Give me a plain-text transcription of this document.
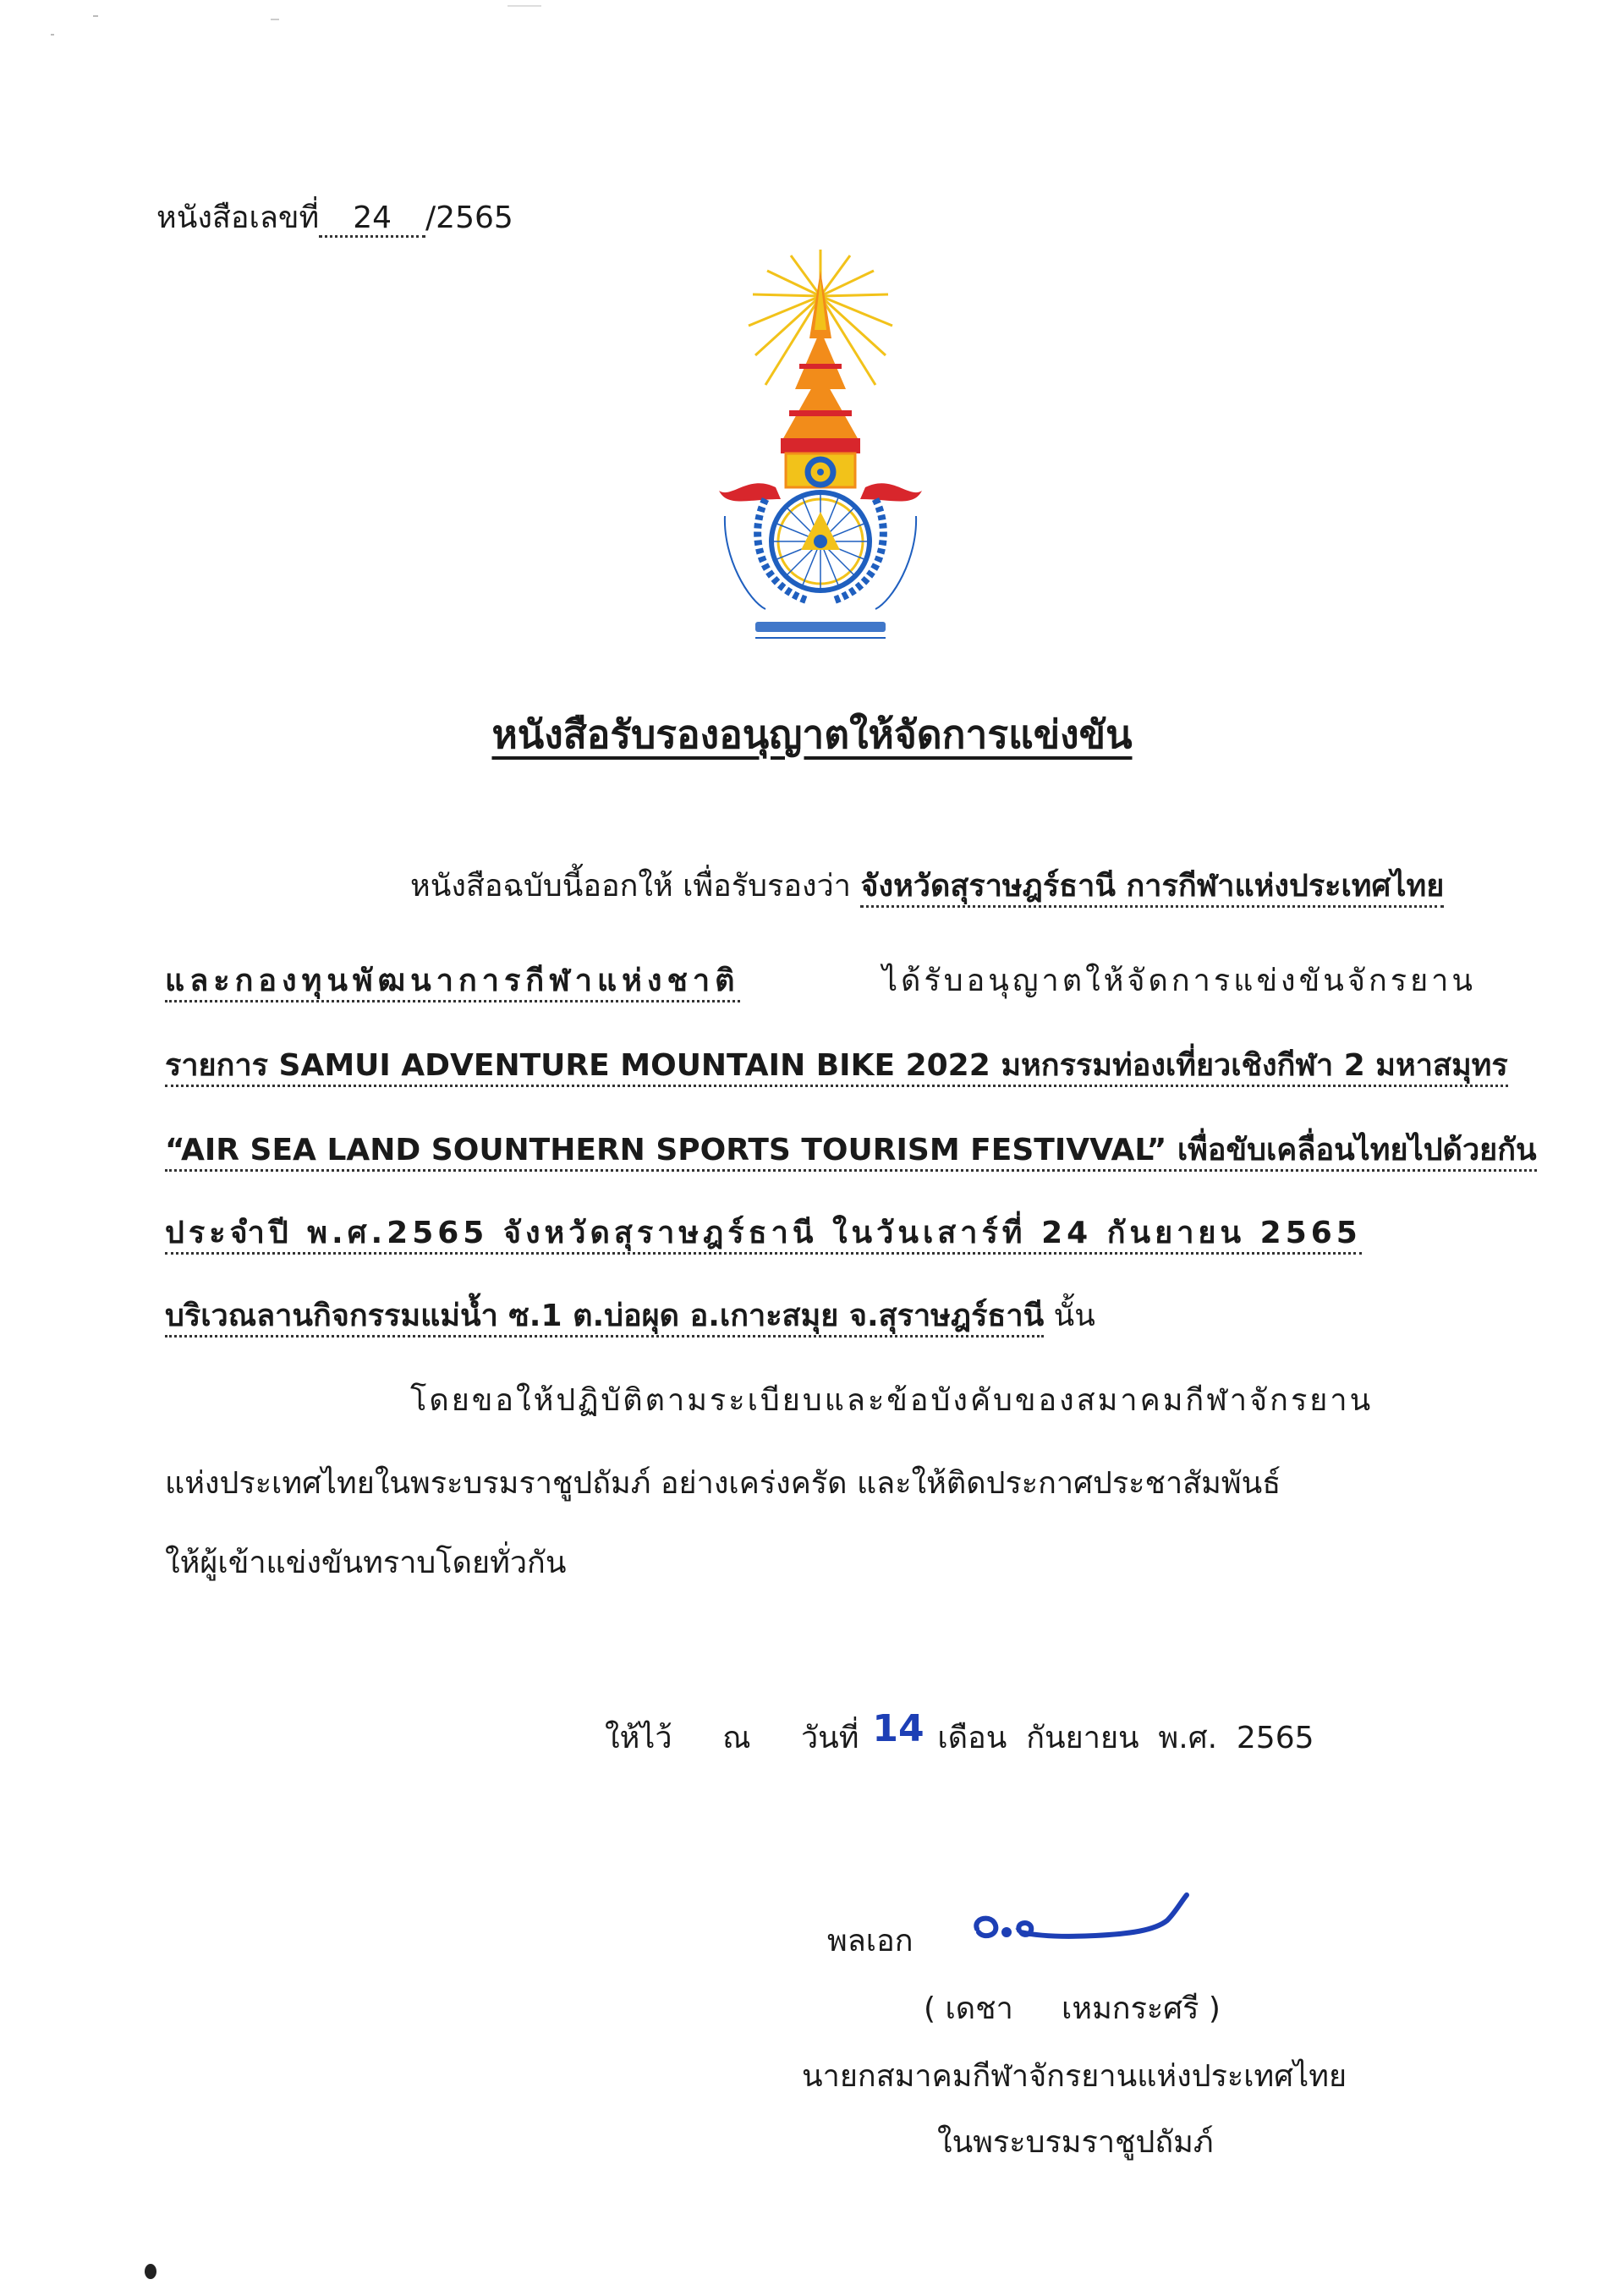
หนังสือเลขที่ 24 /2565
หนังสือรับรองอนุญาตให้จัดการแข่งขัน
หนังสือฉบับนี้ออกให้ เพื่อรับรองว่า จังหวัดสุราษฎร์ธานี การกีฬาแห่งประเทศไทย
และกองทุนพัฒนาการกีฬาแห่งชาติ	ได้รับอนุญาตให้จัดการแข่งขันจักรยาน
รายการ SAMUI ADVENTURE MOUNTAIN BIKE 2022 มหกรรมท่องเที่ยวเชิงกีฬา 2 มหาสมุทร
“AIR SEA LAND SOUNTHERN SPORTS TOURISM FESTIVVAL” เพื่อขับเคลื่อนไทยไปด้วยกัน
ประจำปี พ.ศ.2565 จังหวัดสุราษฎร์ธานี ในวันเสาร์ที่ 24 กันยายน 2565
บริเวณลานกิจกรรมแม่น้ำ ซ.1 ต.บ่อผุด อ.เกาะสมุย จ.สุราษฎร์ธานี นั้น
โดยขอให้ปฏิบัติตามระเบียบและข้อบังคับของสมาคมกีฬาจักรยาน
แห่งประเทศไทยในพระบรมราชูปถัมภ์ อย่างเคร่งครัด และให้ติดประกาศประชาสัมพันธ์
ให้ผู้เข้าแข่งขันทราบโดยทั่วกัน
ให้ไว้ ณ วันที่ 14 เดือน กันยายน พ.ศ. 2565
พลเอก
( เดชา     เหมกระศรี )
นายกสมาคมกีฬาจักรยานแห่งประเทศไทย
ในพระบรมราชูปถัมภ์
